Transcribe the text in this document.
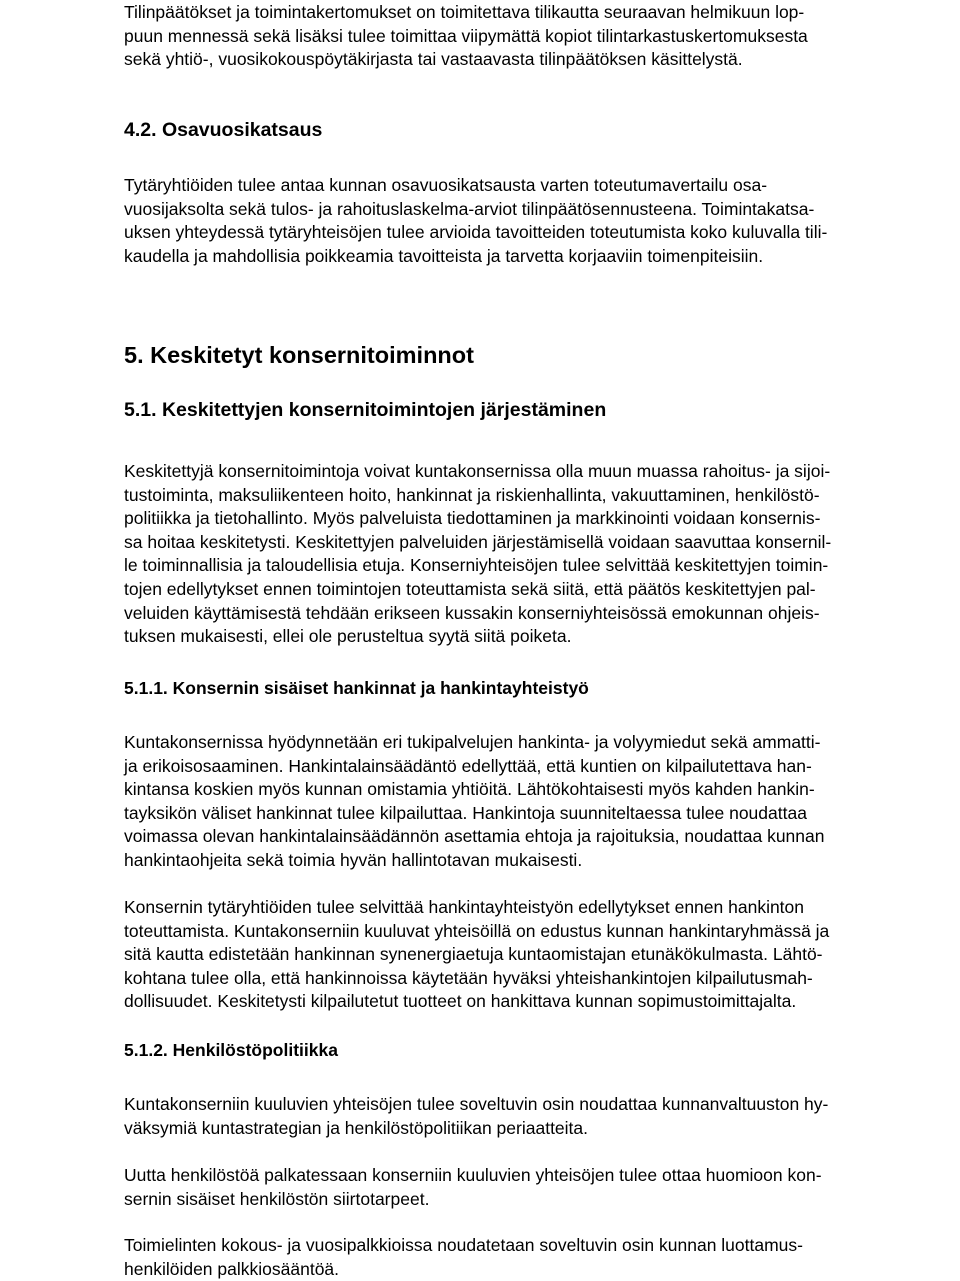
Tilinpäätökset ja toimintakertomukset on toimitettava tilikautta seuraavan helmikuun lop-
puun mennessä sekä lisäksi tulee toimittaa viipymättä kopiot tilintarkastuskertomuksesta
sekä yhtiö-, vuosikokouspöytäkirjasta tai vastaavasta tilinpäätöksen käsittelystä.

4.2. Osavuosikatsaus

Tytäryhtiöiden tulee antaa kunnan osavuosikatsausta varten toteutumavertailu osa-
vuosijaksolta sekä tulos- ja rahoituslaskelma-arviot tilinpäätösennusteena. Toimintakatsa-
uksen yhteydessä tytäryhteisöjen tulee arvioida tavoitteiden toteutumista koko kuluvalla tili-
kaudella ja mahdollisia poikkeamia tavoitteista ja tarvetta korjaaviin toimenpiteisiin.

5. Keskitetyt konsernitoiminnot
5.1. Keskitettyjen konsernitoimintojen järjestäminen

Keskitettyjä konsernitoimintoja voivat kuntakonsernissa olla muun muassa rahoitus- ja sijoi-
tustoiminta, maksuliikenteen hoito, hankinnat ja riskienhallinta, vakuuttaminen, henkilöstö-
politiikka ja tietohallinto. Myös palveluista tiedottaminen ja markkinointi voidaan konsernis-
sa hoitaa keskitetysti. Keskitettyjen palveluiden järjestämisellä voidaan saavuttaa konsernil-
le toiminnallisia ja taloudellisia etuja. Konserniyhteisöjen tulee selvittää keskitettyjen toimin-
tojen edellytykset ennen toimintojen toteuttamista sekä siitä, että päätös keskitettyjen pal-
veluiden käyttämisestä tehdään erikseen kussakin konserniyhteisössä emokunnan ohjeis-
tuksen mukaisesti, ellei ole perusteltua syytä siitä poiketa.

5.1.1. Konsernin sisäiset hankinnat ja hankintayhteistyö

Kuntakonsernissa hyödynnetään eri tukipalvelujen hankinta- ja volyymiedut sekä ammatti-
ja erikoisosaaminen. Hankintalainsäädäntö edellyttää, että kuntien on kilpailutettava han-
kintansa koskien myös kunnan omistamia yhtiöitä. Lähtökohtaisesti myös kahden hankin-
tayksikön väliset hankinnat tulee kilpailuttaa. Hankintoja suunniteltaessa tulee noudattaa
voimassa olevan hankintalainsäädännön asettamia ehtoja ja rajoituksia, noudattaa kunnan
hankintaohjeita sekä toimia hyvän hallintotavan mukaisesti.

Konsernin tytäryhtiöiden tulee selvittää hankintayhteistyön edellytykset ennen hankinton
toteuttamista. Kuntakonserniin kuuluvat yhteisöillä on edustus kunnan hankintaryhmässä ja
sitä kautta edistetään hankinnan synenergiaetuja kuntaomistajan etunäkökulmasta. Lähtö-
kohtana tulee olla, että hankinnoissa käytetään hyväksi yhteishankintojen kilpailutusmah-
dollisuudet. Keskitetysti kilpailutetut tuotteet on hankittava kunnan sopimustoimittajalta.

5.1.2. Henkilöstöpolitiikka

Kuntakonserniin kuuluvien yhteisöjen tulee soveltuvin osin noudattaa kunnanvaltuuston hy-
väksymiä kuntastrategian ja henkilöstöpolitiikan periaatteita.

Uutta henkilöstöä palkatessaan konserniin kuuluvien yhteisöjen tulee ottaa huomioon kon-
sernin sisäiset henkilöstön siirtotarpeet.

Toimielinten kokous- ja vuosipalkkioissa noudatetaan soveltuvin osin kunnan luottamus-
henkilöiden palkkiosääntöä.
